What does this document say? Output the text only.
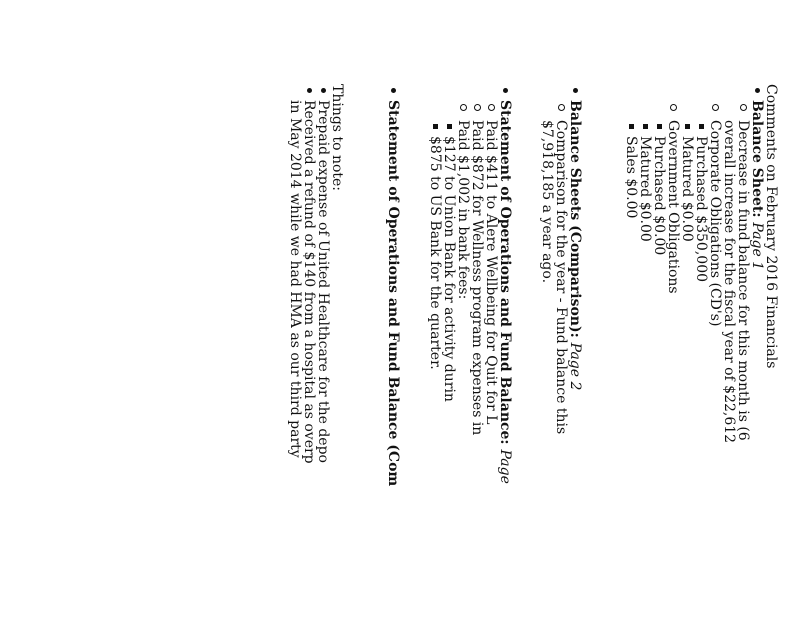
Comments on February 2016 Financials
Balance Sheet: Page 1
Decrease in fund balance for this month is (6
overall increase for the fiscal year of $22,612
Corporate Obligations (CD's)
Purchased $350,000
Matured $0.00
Government Obligations
Purchased $0.00
Matured $0.00
Sales $0.00
Balance Sheets (Comparison): Page 2
Comparison for the year - Fund balance this
$7,918,185 a year ago.
Statement of Operations and Fund Balance: Page
Paid $411 to Alere Wellbeing for Quit for L
Paid $872 for Wellness program expenses in
Paid $1,002 in bank fees:
$127 to Union Bank for activity durin
$875 to US Bank for the quarter.
Statement of Operations and Fund Balance (Com
Things to note:
Prepaid expense of United Healthcare for the depo
Received a refund of $140 from a hospital as overp
in May 2014 while we had HMA as our third party
